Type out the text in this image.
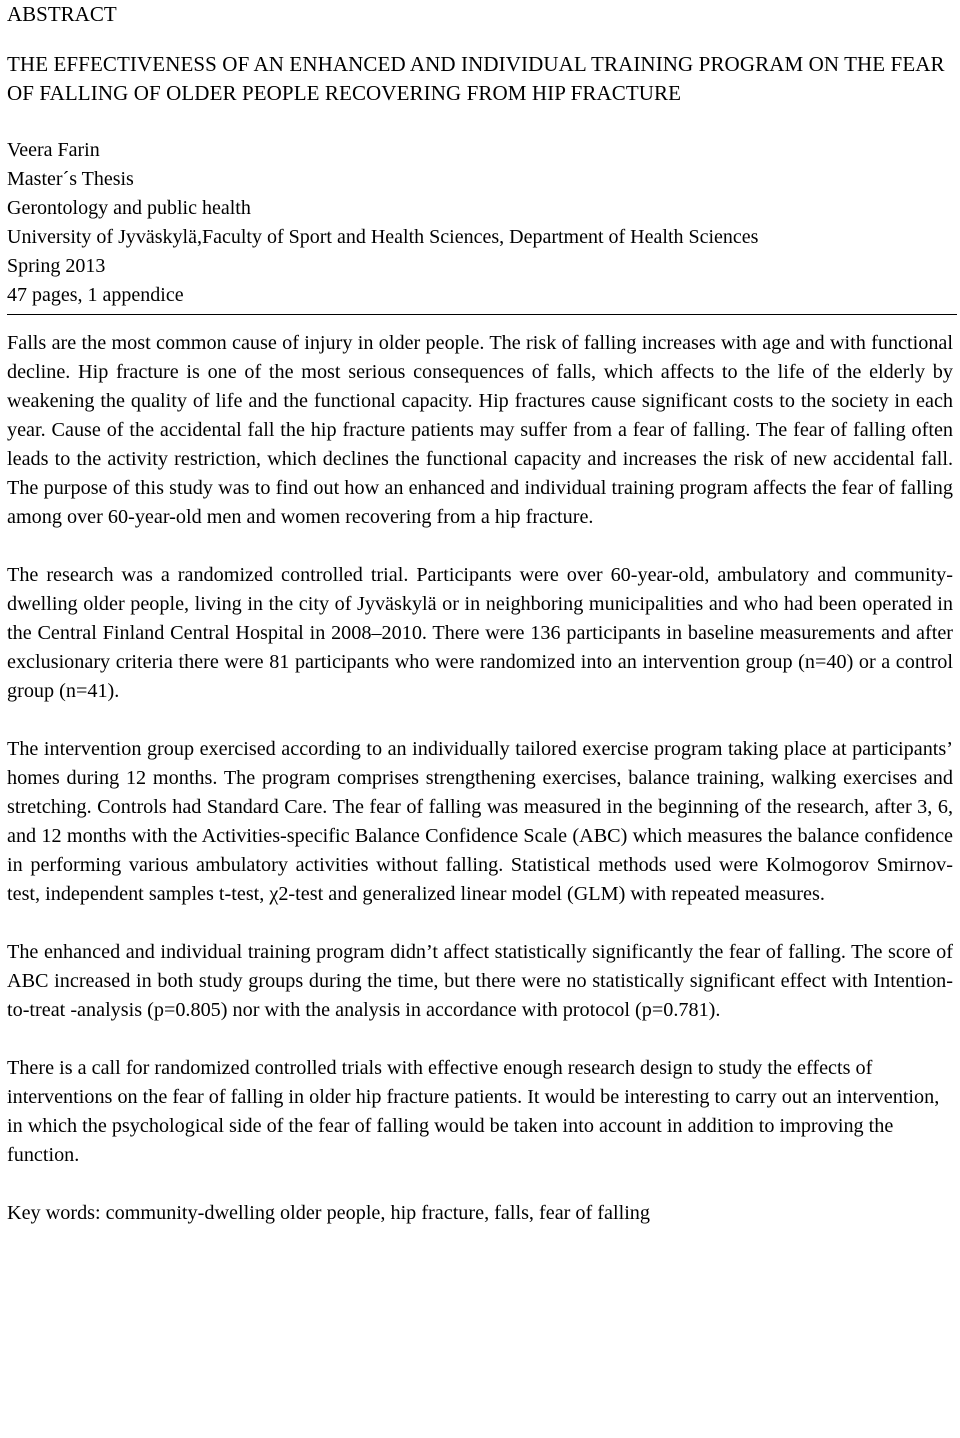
ABSTRACT
THE EFFECTIVENESS OF AN ENHANCED AND INDIVIDUAL TRAINING PROGRAM ON THE FEAR OF FALLING OF OLDER PEOPLE RECOVERING FROM HIP FRACTURE
Veera Farin
Master´s Thesis
Gerontology and public health
University of Jyväskylä,Faculty of Sport and Health Sciences, Department of Health Sciences
Spring 2013
47 pages, 1 appendice

Falls are the most common cause of injury in older people. The risk of falling increases with age and with functional decline. Hip fracture is one of the most serious consequences of falls, which affects to the life of the elderly by weakening the quality of life and the functional capacity. Hip fractures cause significant costs to the society in each year. Cause of the accidental fall the hip fracture patients may suffer from a fear of falling. The fear of falling often leads to the activity restriction, which declines the functional capacity and increases the risk of new accidental fall. The purpose of this study was to find out how an enhanced and individual training program affects the fear of falling among over 60-year-old men and women recovering from a hip fracture.

The research was a randomized controlled trial. Participants were over 60-year-old, ambulatory and community-dwelling older people, living in the city of Jyväskylä or in neighboring municipalities and who had been operated in the Central Finland Central Hospital in 2008–2010. There were 136 participants in baseline measurements and after exclusionary criteria there were 81 participants who were randomized into an intervention group (n=40) or a control group (n=41).

The intervention group exercised according to an individually tailored exercise program taking place at participants’ homes during 12 months. The program comprises strengthening exercises, balance training, walking exercises and stretching. Controls had Standard Care. The fear of falling was measured in the beginning of the research, after 3, 6, and 12 months with the Activities-specific Balance Confidence Scale (ABC) which measures the balance confidence in performing various ambulatory activities without falling. Statistical methods used were Kolmogorov Smirnov-test, independent samples t-test, χ2-test and generalized linear model (GLM) with repeated measures.

The enhanced and individual training program didn’t affect statistically significantly the fear of falling. The score of ABC increased in both study groups during the time, but there were no statistically significant effect with Intention-to-treat -analysis (p=0.805) nor with the analysis in accordance with protocol (p=0.781).

There is a call for randomized controlled trials with effective enough research design to study the effects of interventions on the fear of falling in older hip fracture patients. It would be interesting to carry out an intervention, in which the psychological side of the fear of falling would be taken into account in addition to improving the function.

Key words: community-dwelling older people, hip fracture, falls, fear of falling
